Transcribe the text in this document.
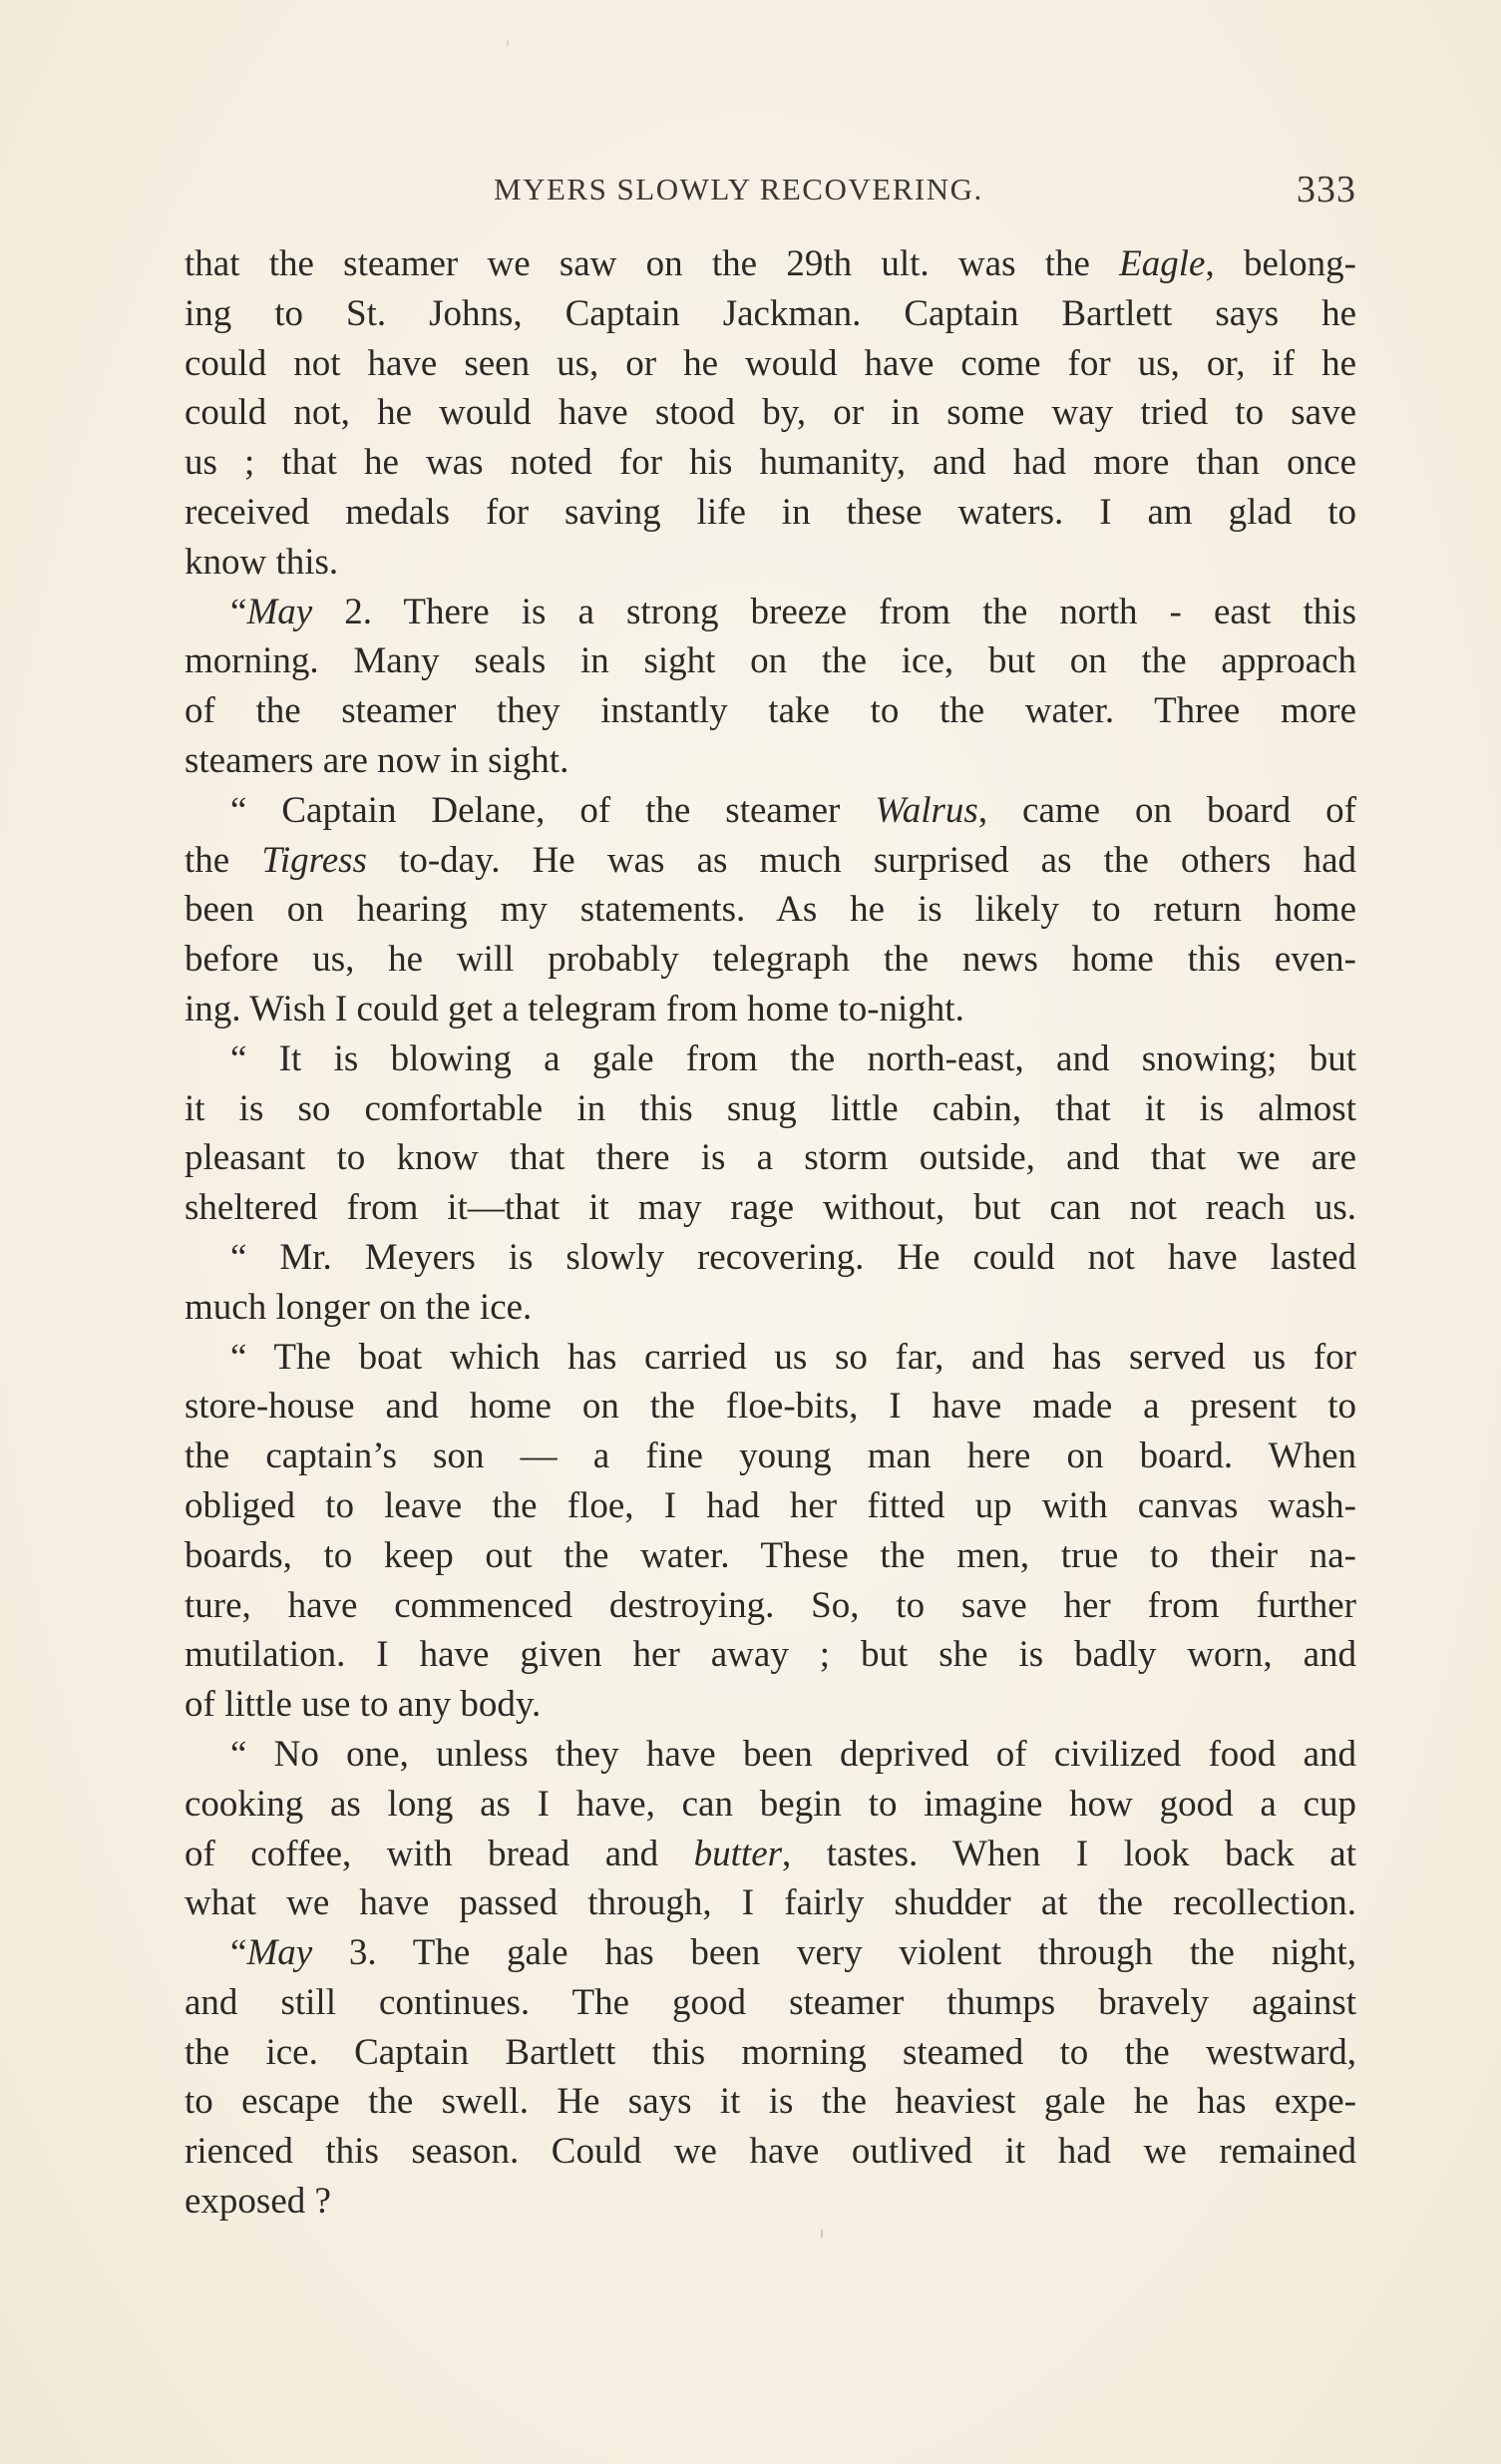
MYERS SLOWLY RECOVERING.	333
that the steamer we saw on the 29th ult. was the Eagle, belong-
ing to St. Johns, Captain Jackman. Captain Bartlett says he
could not have seen us, or he would have come for us, or, if he
could not, he would have stood by, or in some way tried to save
us ; that he was noted for his humanity, and had more than once
received medals for saving life in these waters. I am glad to
know this.
“May 2. There is a strong breeze from the north - east this
morning. Many seals in sight on the ice, but on the approach
of the steamer they instantly take to the water. Three more
steamers are now in sight.
“ Captain Delane, of the steamer Walrus, came on board of
the Tigress to-day. He was as much surprised as the others had
been on hearing my statements. As he is likely to return home
before us, he will probably telegraph the news home this even-
ing. Wish I could get a telegram from home to-night.
“ It is blowing a gale from the north-east, and snowing; but
it is so comfortable in this snug little cabin, that it is almost
pleasant to know that there is a storm outside, and that we are
sheltered from it—that it may rage without, but can not reach us.
“ Mr. Meyers is slowly recovering. He could not have lasted
much longer on the ice.
“ The boat which has carried us so far, and has served us for
store-house and home on the floe-bits, I have made a present to
the captain’s son — a fine young man here on board. When
obliged to leave the floe, I had her fitted up with canvas wash-
boards, to keep out the water. These the men, true to their na-
ture, have commenced destroying. So, to save her from further
mutilation. I have given her away ; but she is badly worn, and
of little use to any body.
“ No one, unless they have been deprived of civilized food and
cooking as long as I have, can begin to imagine how good a cup
of coffee, with bread and butter, tastes. When I look back at
what we have passed through, I fairly shudder at the recollection.
“May 3. The gale has been very violent through the night,
and still continues. The good steamer thumps bravely against
the ice. Captain Bartlett this morning steamed to the westward,
to escape the swell. He says it is the heaviest gale he has expe-
rienced this season. Could we have outlived it had we remained
exposed ?
